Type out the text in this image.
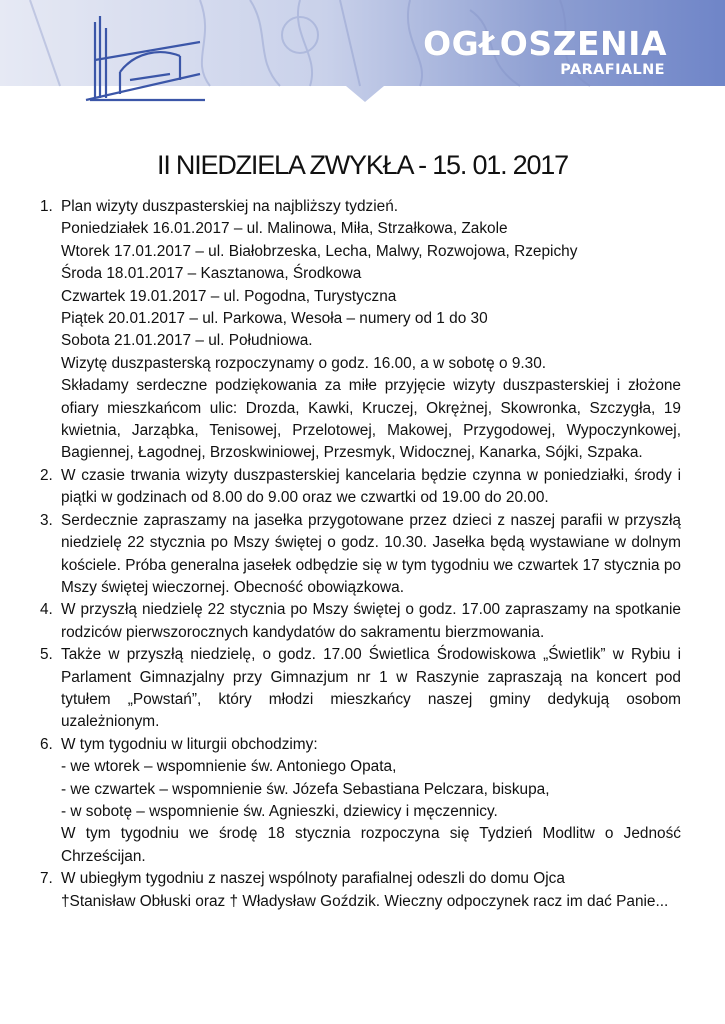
OGŁOSZENIA
PARAFIALNE
II NIEDZIELA ZWYKŁA - 15. 01. 2017
1. Plan wizyty duszpasterskiej na najbliższy tydzień.
Poniedziałek 16.01.2017 – ul. Malinowa, Miła, Strzałkowa, Zakole
Wtorek 17.01.2017 – ul. Białobrzeska, Lecha, Malwy, Rozwojowa, Rzepichy
Środa 18.01.2017 – Kasztanowa, Środkowa
Czwartek 19.01.2017 – ul. Pogodna, Turystyczna
Piątek 20.01.2017 – ul. Parkowa, Wesoła – numery od 1 do 30
Sobota 21.01.2017 – ul. Południowa.
Wizytę duszpasterską rozpoczynamy o godz. 16.00, a w sobotę o 9.30.
Składamy serdeczne podziękowania za miłe przyjęcie wizyty duszpasterskiej i złożone ofiary mieszkańcom ulic: Drozda, Kawki, Kruczej, Okrężnej, Skowronka, Szczygła, 19 kwietnia, Jarząbka, Tenisowej, Przelotowej, Makowej, Przygodowej, Wypoczynkowej, Bagiennej, Łagodnej, Brzoskwiniowej, Przesmyk, Widocznej, Kanarka, Sójki, Szpaka.
2. W czasie trwania wizyty duszpasterskiej kancelaria będzie czynna w poniedziałki, środy i piątki w godzinach od 8.00 do 9.00 oraz we czwartki od 19.00 do 20.00.
3. Serdecznie zapraszamy na jasełka przygotowane przez dzieci z naszej parafii w przyszłą niedzielę 22 stycznia po Mszy świętej o godz. 10.30. Jasełka będą wystawiane w dolnym kościele. Próba generalna jasełek odbędzie się w tym tygodniu we czwartek 17 stycznia po Mszy świętej wieczornej. Obecność obowiązkowa.
4. W przyszłą niedzielę 22 stycznia po Mszy świętej o godz. 17.00 zapraszamy na spotkanie rodziców pierwszorocznych kandydatów do sakramentu bierzmowania.
5. Także w przyszłą niedzielę, o godz. 17.00 Świetlica Środowiskowa „Świetlik” w Rybiu i Parlament Gimnazjalny przy Gimnazjum nr 1 w Raszynie zapraszają na koncert pod tytułem „Powstań”, który młodzi mieszkańcy naszej gminy dedykują osobom uzależnionym.
6. W tym tygodniu w liturgii obchodzimy:
- we wtorek – wspomnienie św. Antoniego Opata,
- we czwartek – wspomnienie św. Józefa Sebastiana Pelczara, biskupa,
- w sobotę – wspomnienie św. Agnieszki, dziewicy i męczennicy.
W tym tygodniu we środę 18 stycznia rozpoczyna się Tydzień Modlitw o Jedność Chrześcijan.
7. W ubiegłym tygodniu z naszej wspólnoty parafialnej odeszli do domu Ojca
†Stanisław Obłuski oraz † Władysław Goździk. Wieczny odpoczynek racz im dać Panie...
